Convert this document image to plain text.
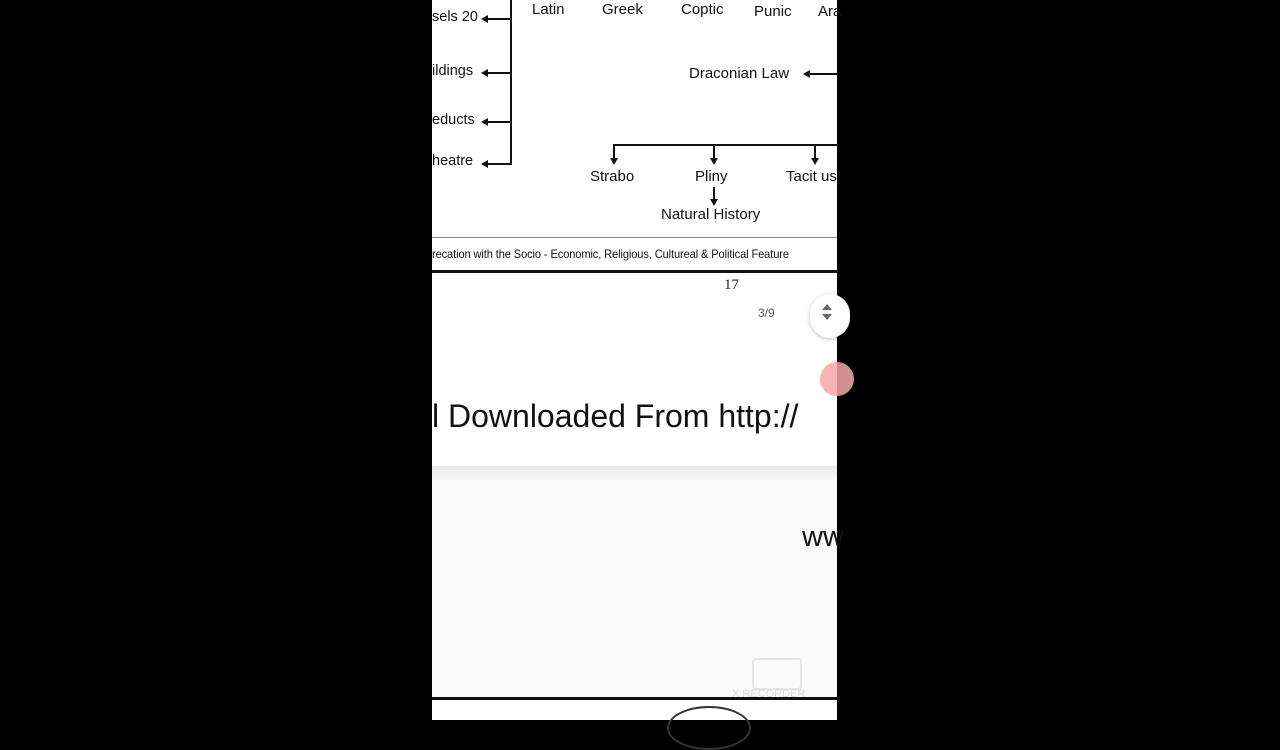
Latin Greek	Coptic Punic Ara
sels 20
ildings
educts
heatre
Draconian Law
Strabo	Pliny	Tacit us
Natural History
recation with the Socio - Economic, Religious, Cultureal & Political Feature
17
3/9
l Downloaded From http://
ww
X RECORDER
